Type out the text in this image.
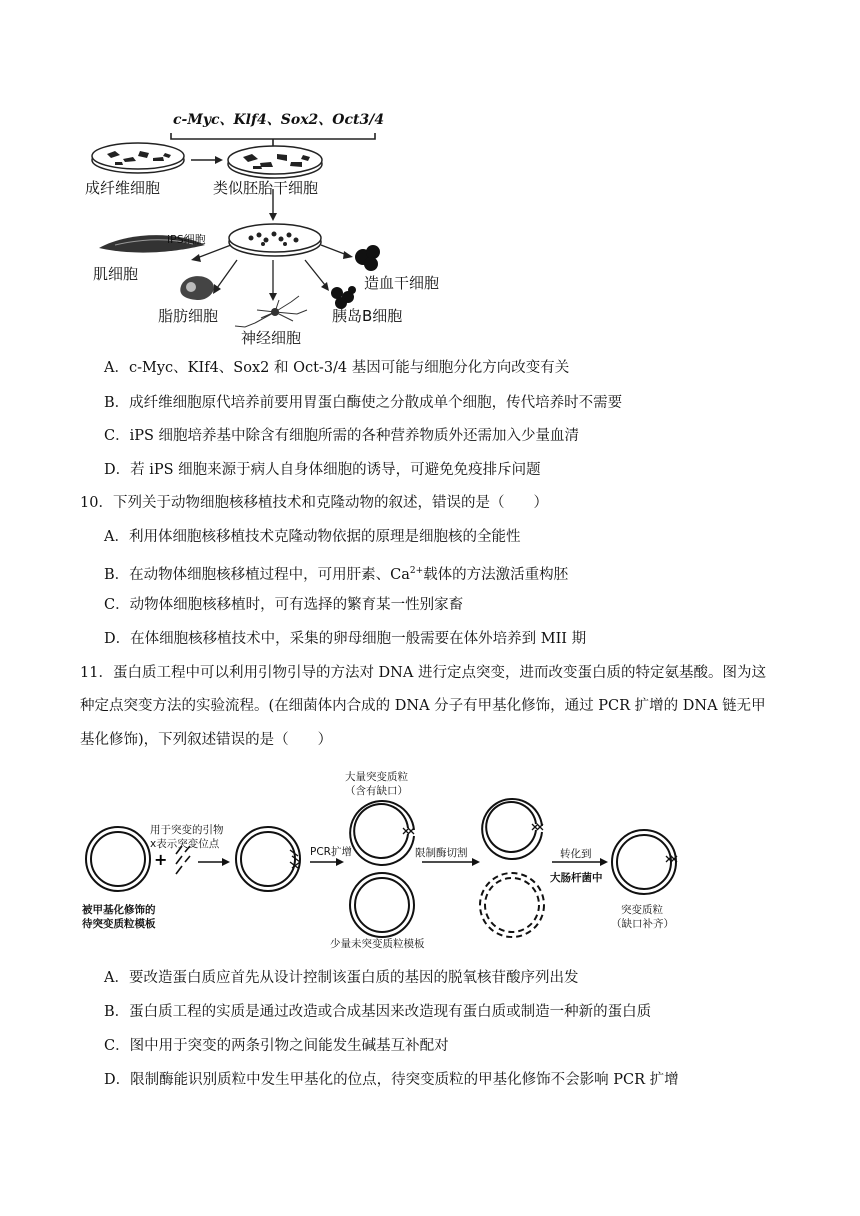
c-Myc、Klf4、Sox2、Oct3/4
成纤维细胞	类似胚胎干细胞
iPS细胞
肌细胞	造血干细胞
脂肪细胞	胰岛B细胞
神经细胞
A．c-Myc、KIf4、Sox2 和 Oct-3/4 基因可能与细胞分化方向改变有关
B．成纤维细胞原代培养前要用胃蛋白酶使之分散成单个细胞，传代培养时不需要
C．iPS 细胞培养基中除含有细胞所需的各种营养物质外还需加入少量血清
D．若 iPS 细胞来源于病人自身体细胞的诱导，可避免免疫排斥问题
10．下列关于动物细胞核移植技术和克隆动物的叙述，错误的是（　　）
A．利用体细胞核移植技术克隆动物依据的原理是细胞核的全能性
B．在动物体细胞核移植过程中，可用肝素、$Ca^{2+}$载体的方法激活重构胚
C．动物体细胞核移植时，可有选择的繁育某一性别家畜
D．在体细胞核移植技术中，采集的卵母细胞一般需要在体外培养到 MII 期
11．蛋白质工程中可以利用引物引导的方法对 DNA 进行定点突变，进而改变蛋白质的特定氨基酸。图为这
种定点突变方法的实验流程。(在细菌体内合成的 DNA 分子有甲基化修饰，通过 PCR 扩增的 DNA 链无甲
基化修饰)，下列叙述错误的是（　　）
+
被甲基化修饰的
待突变质粒模板
用于突变的引物
x表示突变位点
PCR扩增
大量突变质粒
（含有缺口）
少量未突变质粒模板
限制酶切割	转化到
大肠杆菌中
突变质粒
（缺口补齐）
A．要改造蛋白质应首先从设计控制该蛋白质的基因的脱氧核苷酸序列出发
B．蛋白质工程的实质是通过改造或合成基因来改造现有蛋白质或制造一种新的蛋白质
C．图中用于突变的两条引物之间能发生碱基互补配对
D．限制酶能识别质粒中发生甲基化的位点，待突变质粒的甲基化修饰不会影响 PCR 扩增
